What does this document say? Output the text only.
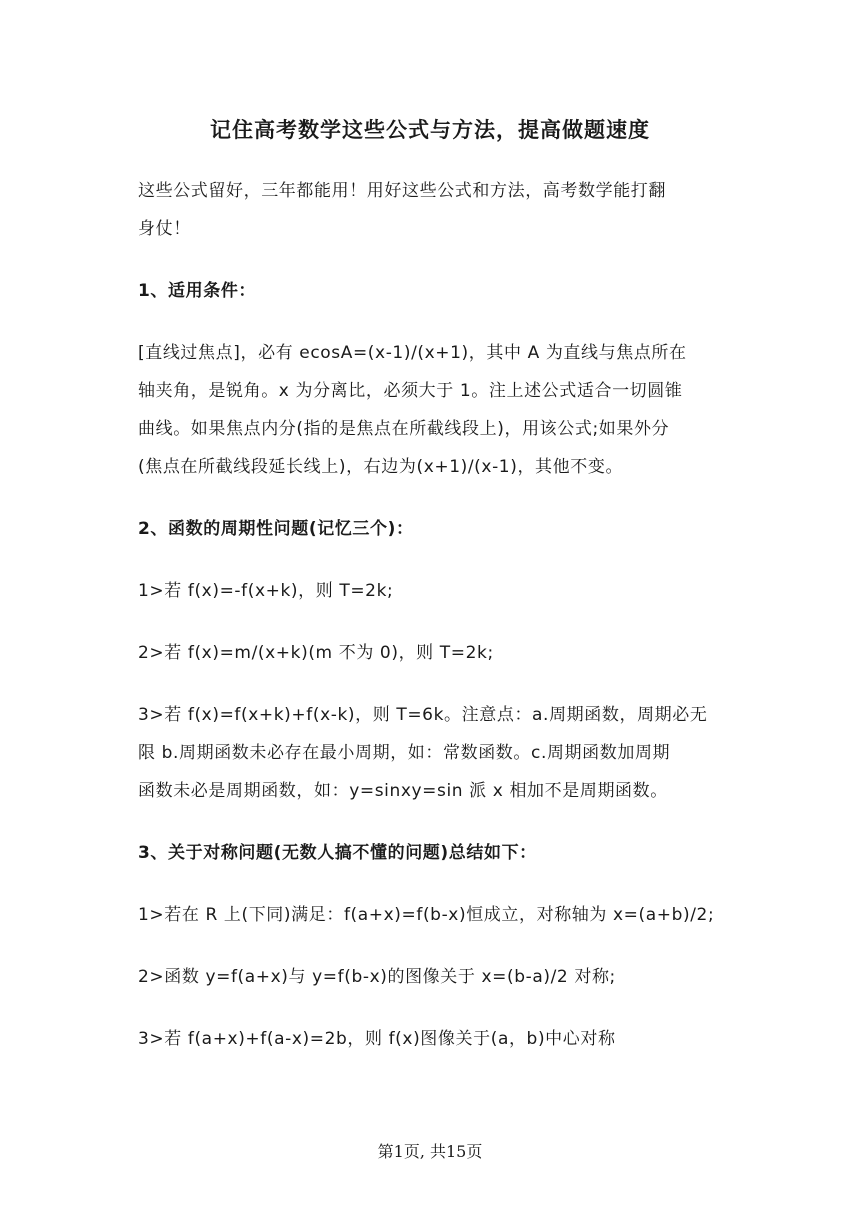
记住高考数学这些公式与方法，提高做题速度
这些公式留好，三年都能用！用好这些公式和方法，高考数学能打翻
身仗！
1、适用条件：
[直线过焦点]，必有 ecosA=(x-1)/(x+1)，其中 A 为直线与焦点所在
轴夹角，是锐角。x 为分离比，必须大于 1。注上述公式适合一切圆锥
曲线。如果焦点内分(指的是焦点在所截线段上)，用该公式;如果外分
(焦点在所截线段延长线上)，右边为(x+1)/(x-1)，其他不变。
2、函数的周期性问题(记忆三个)：
1>若 f(x)=-f(x+k)，则 T=2k;
2>若 f(x)=m/(x+k)(m 不为 0)，则 T=2k;
3>若 f(x)=f(x+k)+f(x-k)，则 T=6k。注意点：a.周期函数，周期必无
限 b.周期函数未必存在最小周期，如：常数函数。c.周期函数加周期
函数未必是周期函数，如：y=sinxy=sin 派 x 相加不是周期函数。
3、关于对称问题(无数人搞不懂的问题)总结如下：
1>若在 R 上(下同)满足：f(a+x)=f(b-x)恒成立，对称轴为 x=(a+b)/2;
2>函数 y=f(a+x)与 y=f(b-x)的图像关于 x=(b-a)/2 对称;
3>若 f(a+x)+f(a-x)=2b，则 f(x)图像关于(a，b)中心对称
第1页, 共15页
